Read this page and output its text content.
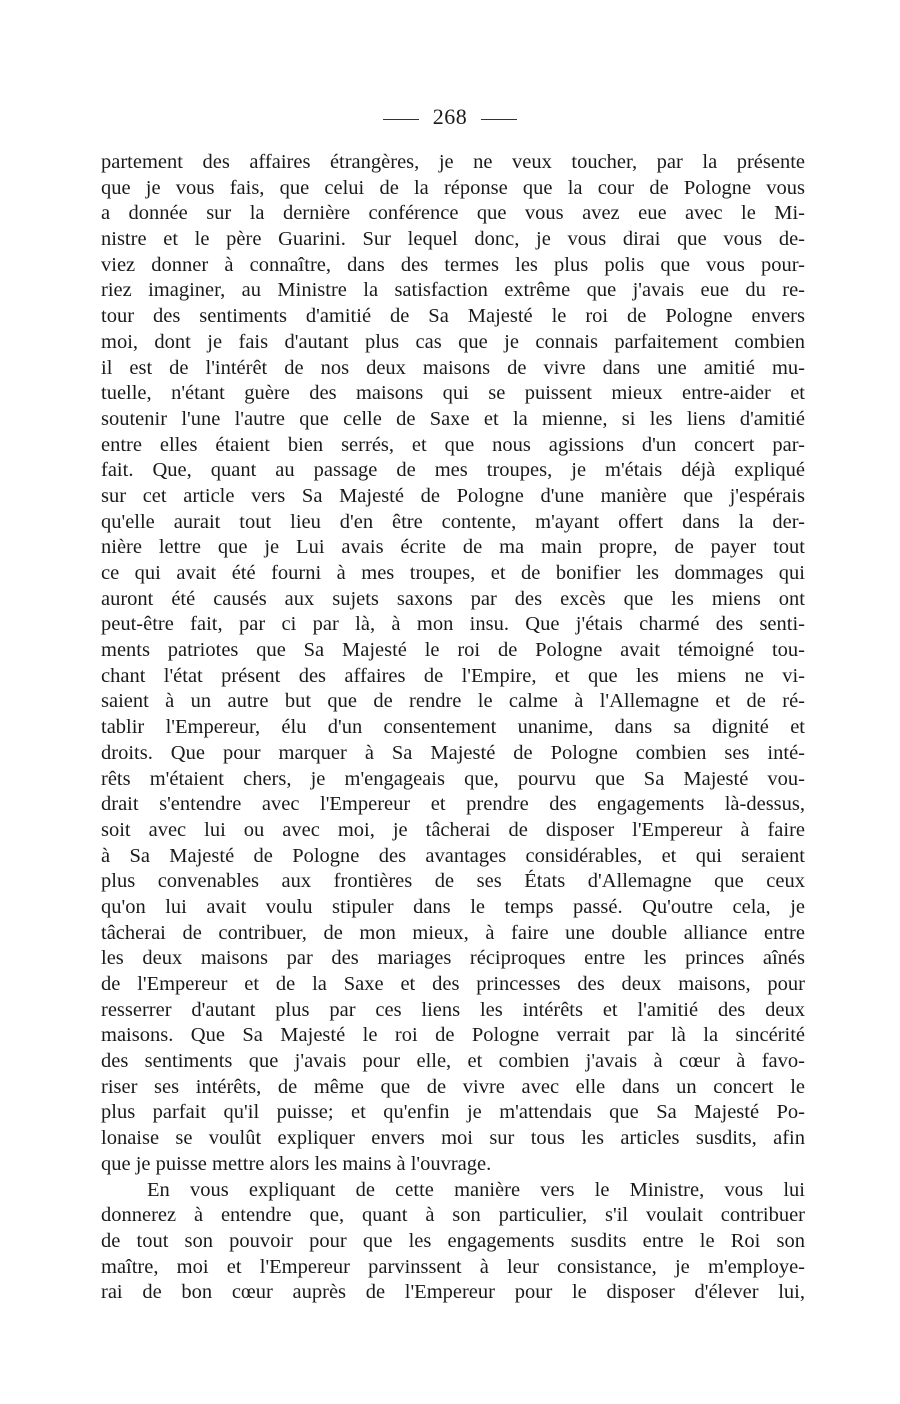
268
partement des affaires étrangères, je ne veux toucher, par la présente
que je vous fais, que celui de la réponse que la cour de Pologne vous
a donnée sur la dernière conférence que vous avez eue avec le Mi-
nistre et le père Guarini. Sur lequel donc, je vous dirai que vous de-
viez donner à connaître, dans des termes les plus polis que vous pour-
riez imaginer, au Ministre la satisfaction extrême que j'avais eue du re-
tour des sentiments d'amitié de Sa Majesté le roi de Pologne envers
moi, dont je fais d'autant plus cas que je connais parfaitement combien
il est de l'intérêt de nos deux maisons de vivre dans une amitié mu-
tuelle, n'étant guère des maisons qui se puissent mieux entre-aider et
soutenir l'une l'autre que celle de Saxe et la mienne, si les liens d'amitié
entre elles étaient bien serrés, et que nous agissions d'un concert par-
fait. Que, quant au passage de mes troupes, je m'étais déjà expliqué
sur cet article vers Sa Majesté de Pologne d'une manière que j'espérais
qu'elle aurait tout lieu d'en être contente, m'ayant offert dans la der-
nière lettre que je Lui avais écrite de ma main propre, de payer tout
ce qui avait été fourni à mes troupes, et de bonifier les dommages qui
auront été causés aux sujets saxons par des excès que les miens ont
peut-être fait, par ci par là, à mon insu. Que j'étais charmé des senti-
ments patriotes que Sa Majesté le roi de Pologne avait témoigné tou-
chant l'état présent des affaires de l'Empire, et que les miens ne vi-
saient à un autre but que de rendre le calme à l'Allemagne et de ré-
tablir l'Empereur, élu d'un consentement unanime, dans sa dignité et
droits. Que pour marquer à Sa Majesté de Pologne combien ses inté-
rêts m'étaient chers, je m'engageais que, pourvu que Sa Majesté vou-
drait s'entendre avec l'Empereur et prendre des engagements là-dessus,
soit avec lui ou avec moi, je tâcherai de disposer l'Empereur à faire
à Sa Majesté de Pologne des avantages considérables, et qui seraient
plus convenables aux frontières de ses États d'Allemagne que ceux
qu'on lui avait voulu stipuler dans le temps passé. Qu'outre cela, je
tâcherai de contribuer, de mon mieux, à faire une double alliance entre
les deux maisons par des mariages réciproques entre les princes aînés
de l'Empereur et de la Saxe et des princesses des deux maisons, pour
resserrer d'autant plus par ces liens les intérêts et l'amitié des deux
maisons. Que Sa Majesté le roi de Pologne verrait par là la sincérité
des sentiments que j'avais pour elle, et combien j'avais à cœur à favo-
riser ses intérêts, de même que de vivre avec elle dans un concert le
plus parfait qu'il puisse; et qu'enfin je m'attendais que Sa Majesté Po-
lonaise se voulût expliquer envers moi sur tous les articles susdits, afin
que je puisse mettre alors les mains à l'ouvrage.
En vous expliquant de cette manière vers le Ministre, vous lui
donnerez à entendre que, quant à son particulier, s'il voulait contribuer
de tout son pouvoir pour que les engagements susdits entre le Roi son
maître, moi et l'Empereur parvinssent à leur consistance, je m'employe-
rai de bon cœur auprès de l'Empereur pour le disposer d'élever lui,
